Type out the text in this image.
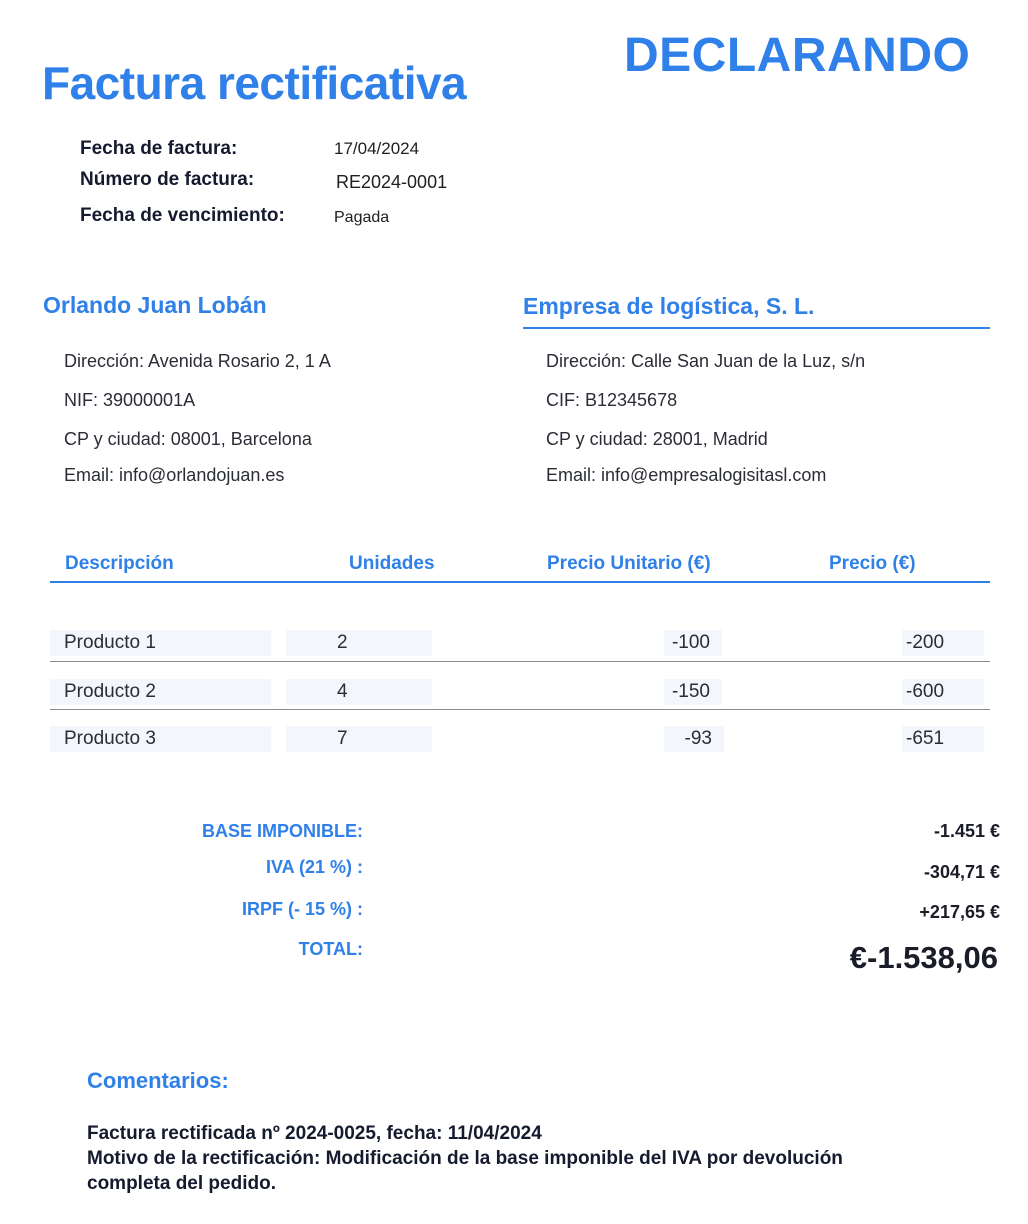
Factura rectificativa
DECLARANDO
Fecha de factura:	17/04/2024
Número de factura:	RE2024-0001
Fecha de vencimiento:	Pagada
Orlando Juan Lobán	Empresa de logística, S. L.
Dirección: Avenida Rosario 2, 1 A
NIF: 39000001A
CP y ciudad: 08001, Barcelona
Email: info@orlandojuan.es
Dirección: Calle San Juan de la Luz, s/n
CIF: B12345678
CP y ciudad: 28001, Madrid
Email: info@empresalogisitasl.com
Descripción	Unidades	Precio Unitario (€)	Precio (€)
Producto 1	2	-100	-200
Producto 2	4	-150	-600
Producto 3	7	-93	-651
BASE IMPONIBLE:	-1.451 €
IVA (21 %) :	-304,71 €
IRPF (- 15 %) :	+217,65 €
TOTAL:	€-1.538,06
Comentarios:
Factura rectificada nº 2024-0025, fecha: 11/04/2024
Motivo de la rectificación: Modificación de la base imponible del IVA por devolución
completa del pedido.
